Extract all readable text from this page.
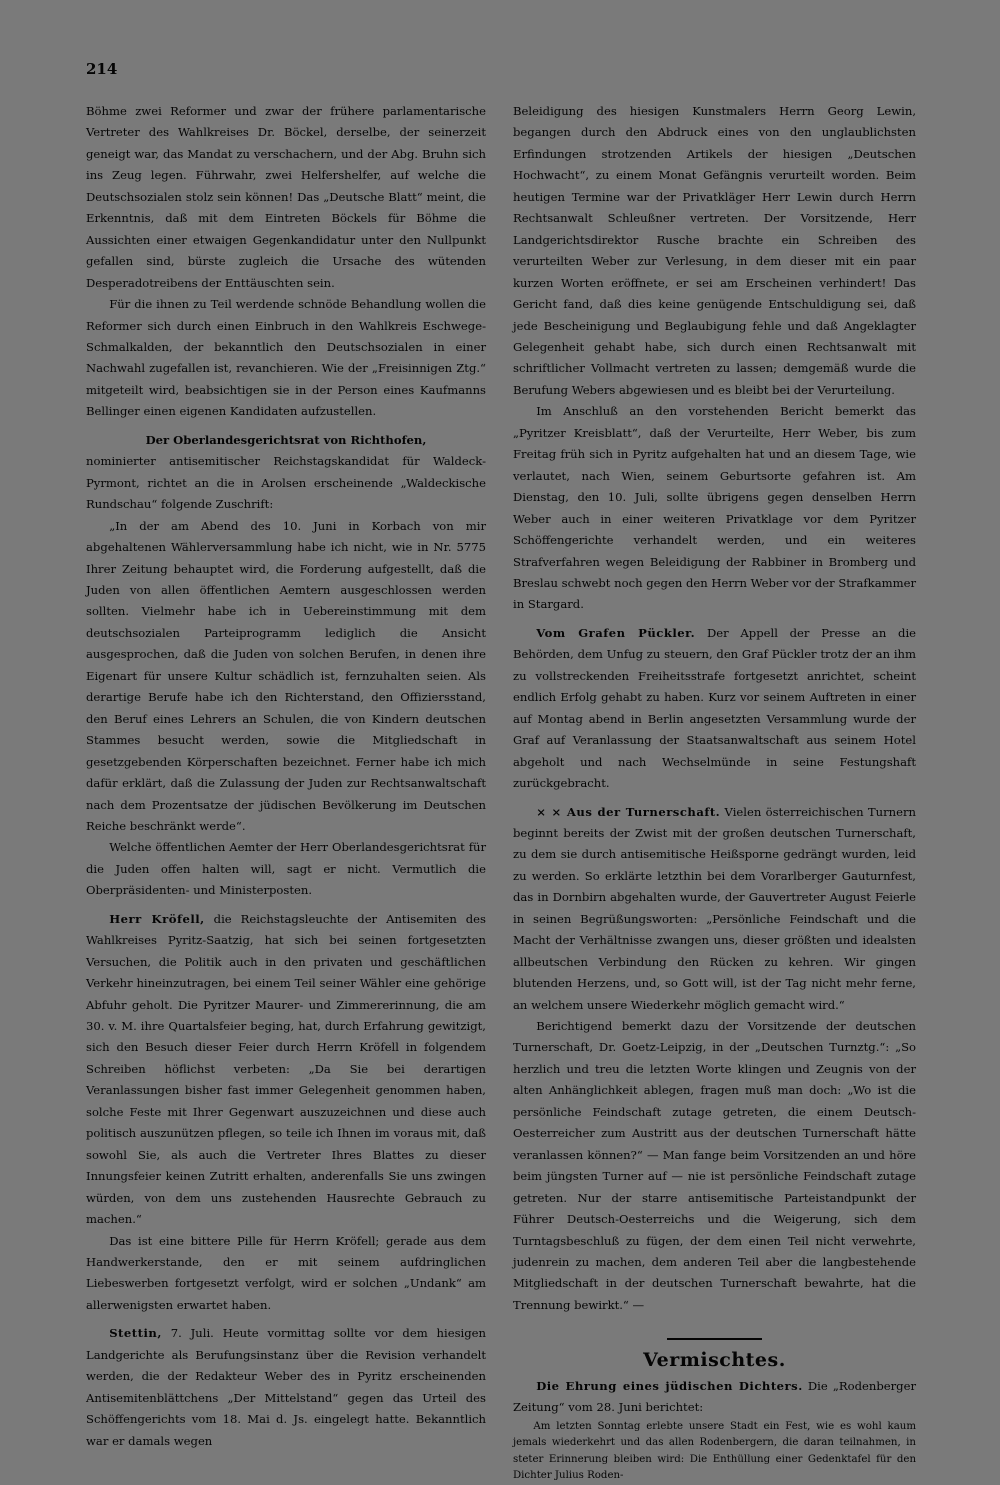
214

Böhme zwei Reformer und zwar der frühere parlamentarische Vertreter des Wahlkreises Dr. Böckel, derselbe, der seinerzeit geneigt war, das Mandat zu verschachern, und der Abg. Bruhn sich ins Zeug legen. Führwahr, zwei Helfershelfer, auf welche die Deutschsozialen stolz sein können! Das „Deutsche Blatt“ meint, die Erkenntnis, daß mit dem Eintreten Böckels für Böhme die Aussichten einer etwaigen Gegenkandidatur unter den Nullpunkt gefallen sind, bürste zugleich die Ursache des wütenden Desperadotreibens der Enttäuschten sein.

Für die ihnen zu Teil werdende schnöde Behandlung wollen die Reformer sich durch einen Einbruch in den Wahlkreis Eschwege-Schmalkalden, der bekanntlich den Deutschsozialen in einer Nachwahl zugefallen ist, revanchieren. Wie der „Freisinnigen Ztg.“ mitgeteilt wird, beabsichtigen sie in der Person eines Kaufmanns Bellinger einen eigenen Kandidaten aufzustellen.

Der Oberlandesgerichtsrat von Richthofen,

nominierter antisemitischer Reichstagskandidat für Waldeck-Pyrmont, richtet an die in Arolsen erscheinende „Waldeckische Rundschau“ folgende Zuschrift:

„In der am Abend des 10. Juni in Korbach von mir abgehaltenen Wählerversammlung habe ich nicht, wie in Nr. 5775 Ihrer Zeitung behauptet wird, die Forderung aufgestellt, daß die Juden von allen öffentlichen Aemtern ausgeschlossen werden sollten. Vielmehr habe ich in Uebereinstimmung mit dem deutschsozialen Parteiprogramm lediglich die Ansicht ausgesprochen, daß die Juden von solchen Berufen, in denen ihre Eigenart für unsere Kultur schädlich ist, fernzuhalten seien. Als derartige Berufe habe ich den Richterstand, den Offiziersstand, den Beruf eines Lehrers an Schulen, die von Kindern deutschen Stammes besucht werden, sowie die Mitgliedschaft in gesetzgebenden Körperschaften bezeichnet. Ferner habe ich mich dafür erklärt, daß die Zulassung der Juden zur Rechtsanwaltschaft nach dem Prozentsatze der jüdischen Bevölkerung im Deutschen Reiche beschränkt werde“.

Welche öffentlichen Aemter der Herr Oberlandesgerichtsrat für die Juden offen halten will, sagt er nicht. Vermutlich die Oberpräsidenten- und Ministerposten.

Herr Kröfell, die Reichstagsleuchte der Antisemiten des Wahlkreises Pyritz-Saatzig, hat sich bei seinen fortgesetzten Versuchen, die Politik auch in den privaten und geschäftlichen Verkehr hineinzutragen, bei einem Teil seiner Wähler eine gehörige Abfuhr geholt. Die Pyritzer Maurer- und Zimmererinnung, die am 30. v. M. ihre Quartalsfeier beging, hat, durch Erfahrung gewitzigt, sich den Besuch dieser Feier durch Herrn Kröfell in folgendem Schreiben höflichst verbeten: „Da Sie bei derartigen Veranlassungen bisher fast immer Gelegenheit genommen haben, solche Feste mit Ihrer Gegenwart auszuzeichnen und diese auch politisch auszunützen pflegen, so teile ich Ihnen im voraus mit, daß sowohl Sie, als auch die Vertreter Ihres Blattes zu dieser Innungsfeier keinen Zutritt erhalten, anderenfalls Sie uns zwingen würden, von dem uns zustehenden Hausrechte Gebrauch zu machen.“

Das ist eine bittere Pille für Herrn Kröfell; gerade aus dem Handwerkerstande, den er mit seinem aufdringlichen Liebeswerben fortgesetzt verfolgt, wird er solchen „Undank“ am allerwenigsten erwartet haben.

Stettin, 7. Juli. Heute vormittag sollte vor dem hiesigen Landgerichte als Berufungsinstanz über die Revision verhandelt werden, die der Redakteur Weber des in Pyritz erscheinenden Antisemitenblättchens „Der Mittelstand“ gegen das Urteil des Schöffengerichts vom 18. Mai d. Js. eingelegt hatte. Bekanntlich war er damals wegen

Beleidigung des hiesigen Kunstmalers Herrn Georg Lewin, begangen durch den Abdruck eines von den unglaublichsten Erfindungen strotzenden Artikels der hiesigen „Deutschen Hochwacht“, zu einem Monat Gefängnis verurteilt worden. Beim heutigen Termine war der Privatkläger Herr Lewin durch Herrn Rechtsanwalt Schleußner vertreten. Der Vorsitzende, Herr Landgerichtsdirektor Rusche brachte ein Schreiben des verurteilten Weber zur Verlesung, in dem dieser mit ein paar kurzen Worten eröffnete, er sei am Erscheinen verhindert! Das Gericht fand, daß dies keine genügende Entschuldigung sei, daß jede Bescheinigung und Beglaubigung fehle und daß Angeklagter Gelegenheit gehabt habe, sich durch einen Rechtsanwalt mit schriftlicher Vollmacht vertreten zu lassen; demgemäß wurde die Berufung Webers abgewiesen und es bleibt bei der Verurteilung.

Im Anschluß an den vorstehenden Bericht bemerkt das „Pyritzer Kreisblatt“, daß der Verurteilte, Herr Weber, bis zum Freitag früh sich in Pyritz aufgehalten hat und an diesem Tage, wie verlautet, nach Wien, seinem Geburtsorte gefahren ist. Am Dienstag, den 10. Juli, sollte übrigens gegen denselben Herrn Weber auch in einer weiteren Privatklage vor dem Pyritzer Schöffengerichte verhandelt werden, und ein weiteres Strafverfahren wegen Beleidigung der Rabbiner in Bromberg und Breslau schwebt noch gegen den Herrn Weber vor der Strafkammer in Stargard.

Vom Grafen Pückler. Der Appell der Presse an die Behörden, dem Unfug zu steuern, den Graf Pückler trotz der an ihm zu vollstreckenden Freiheitsstrafe fortgesetzt anrichtet, scheint endlich Erfolg gehabt zu haben. Kurz vor seinem Auftreten in einer auf Montag abend in Berlin angesetzten Versammlung wurde der Graf auf Veranlassung der Staatsanwaltschaft aus seinem Hotel abgeholt und nach Wechselmünde in seine Festungshaft zurückgebracht.

× × Aus der Turnerschaft. Vielen österreichischen Turnern beginnt bereits der Zwist mit der großen deutschen Turnerschaft, zu dem sie durch antisemitische Heißsporne gedrängt wurden, leid zu werden. So erklärte letzthin bei dem Vorarlberger Gauturnfest, das in Dornbirn abgehalten wurde, der Gauvertreter August Feierle in seinen Begrüßungsworten: „Persönliche Feindschaft und die Macht der Verhältnisse zwangen uns, dieser größten und idealsten allbeutschen Verbindung den Rücken zu kehren. Wir gingen blutenden Herzens, und, so Gott will, ist der Tag nicht mehr ferne, an welchem unsere Wiederkehr möglich gemacht wird.“

Berichtigend bemerkt dazu der Vorsitzende der deutschen Turnerschaft, Dr. Goetz-Leipzig, in der „Deutschen Turnztg.“: „So herzlich und treu die letzten Worte klingen und Zeugnis von der alten Anhänglichkeit ablegen, fragen muß man doch: „Wo ist die persönliche Feindschaft zutage getreten, die einem Deutsch-Oesterreicher zum Austritt aus der deutschen Turnerschaft hätte veranlassen können?“ — Man fange beim Vorsitzenden an und höre beim jüngsten Turner auf — nie ist persönliche Feindschaft zutage getreten. Nur der starre antisemitische Parteistandpunkt der Führer Deutsch-Oesterreichs und die Weigerung, sich dem Turntagsbeschluß zu fügen, der dem einen Teil nicht verwehrte, judenrein zu machen, dem anderen Teil aber die langbestehende Mitgliedschaft in der deutschen Turnerschaft bewahrte, hat die Trennung bewirkt.“ —

Vermischtes.

Die Ehrung eines jüdischen Dichters. Die „Rodenberger Zeitung“ vom 28. Juni berichtet:

Am letzten Sonntag erlebte unsere Stadt ein Fest, wie es wohl kaum jemals wiederkehrt und das allen Rodenbergern, die daran teilnahmen, in steter Erinnerung bleiben wird: Die Enthüllung einer Gedenktafel für den Dichter Julius Roden-
